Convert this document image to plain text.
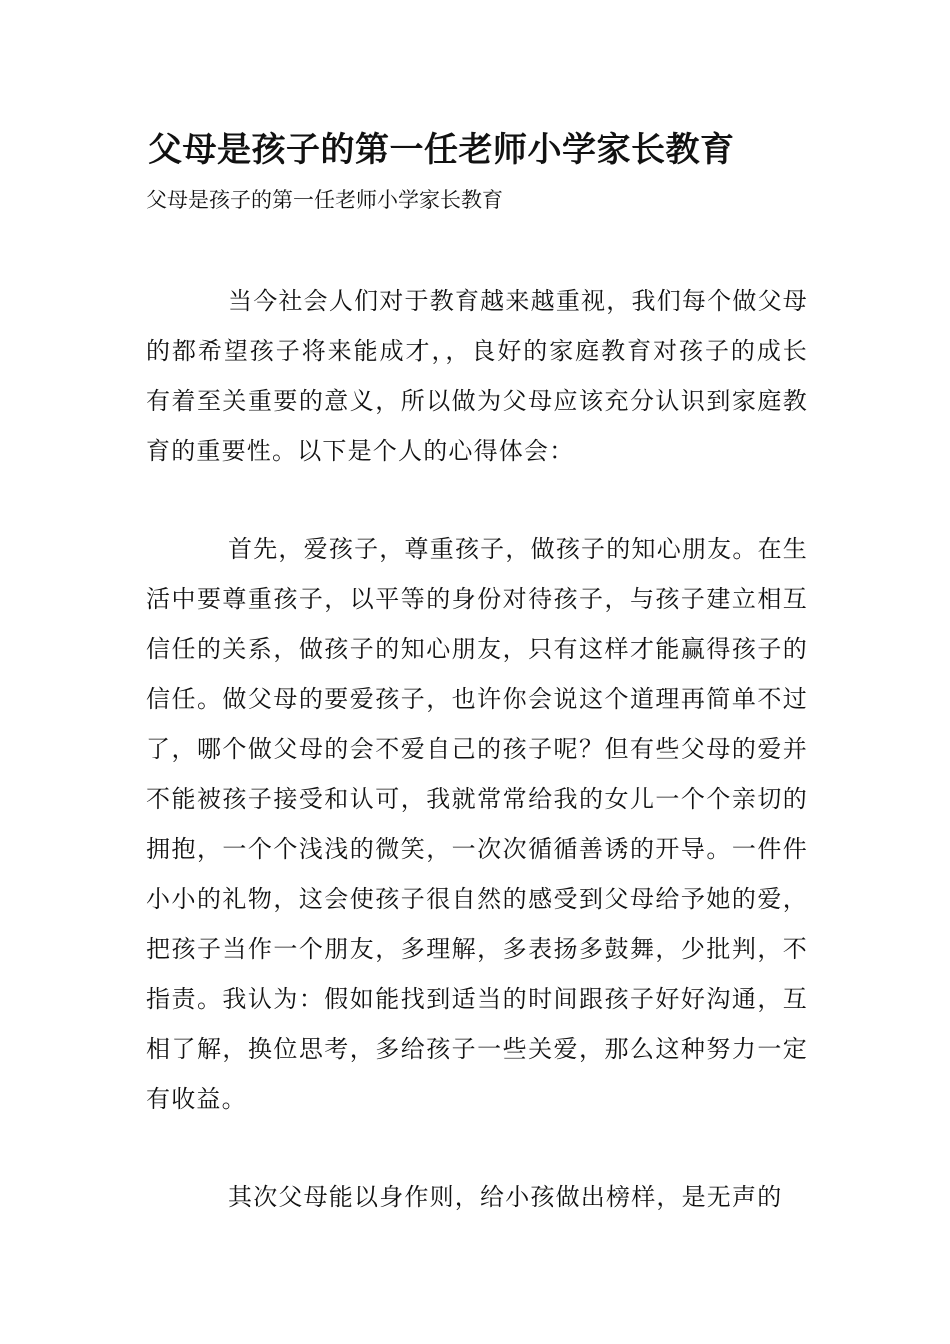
父母是孩子的第一任老师小学家长教育
父母是孩子的第一任老师小学家长教育

当今社会人们对于教育越来越重视，我们每个做父母的都希望孩子将来能成才，，良好的家庭教育对孩子的成长有着至关重要的意义，所以做为父母应该充分认识到家庭教育的重要性。以下是个人的心得体会：

首先，爱孩子，尊重孩子，做孩子的知心朋友。在生活中要尊重孩子，以平等的身份对待孩子，与孩子建立相互信任的关系，做孩子的知心朋友，只有这样才能赢得孩子的信任。做父母的要爱孩子，也许你会说这个道理再简单不过了，哪个做父母的会不爱自己的孩子呢？但有些父母的爱并不能被孩子接受和认可，我就常常给我的女儿一个个亲切的拥抱，一个个浅浅的微笑，一次次循循善诱的开导。一件件小小的礼物，这会使孩子很自然的感受到父母给予她的爱，把孩子当作一个朋友，多理解，多表扬多鼓舞，少批判，不指责。我认为：假如能找到适当的时间跟孩子好好沟通，互相了解，换位思考，多给孩子一些关爱，那么这种努力一定有收益。

其次父母能以身作则，给小孩做出榜样，是无声的
